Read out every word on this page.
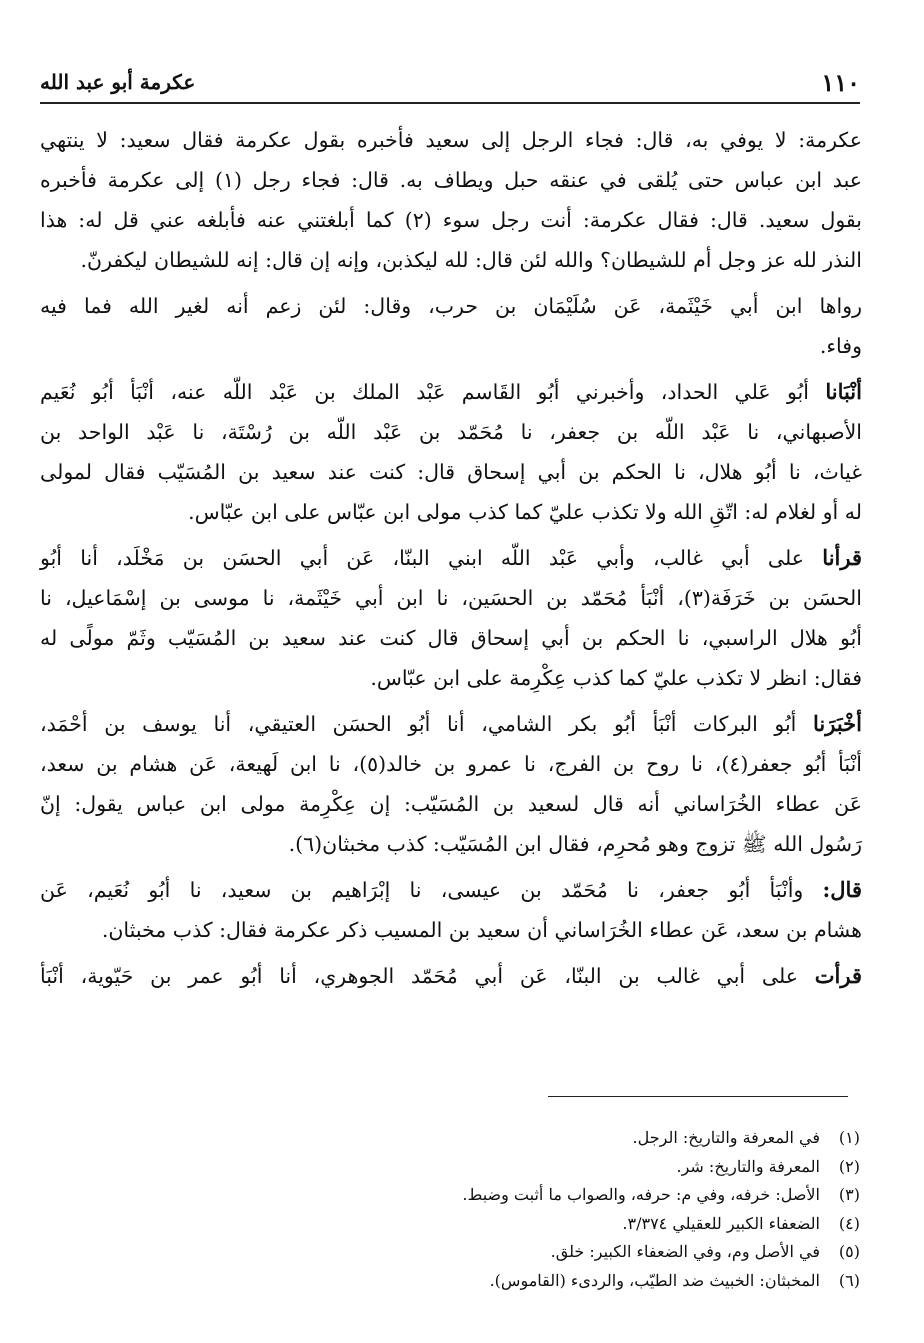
١١٠
عكرمة أبو عبد الله
عكرمة: لا يوفي به، قال: فجاء الرجل إلى سعيد فأخبره بقول عكرمة فقال سعيد: لا ينتهي
عبد ابن عباس حتى يُلقى في عنقه حبل ويطاف به. قال: فجاء رجل (١) إلى عكرمة فأخبره
بقول سعيد. قال: فقال عكرمة: أنت رجل سوء (٢) كما أبلغتني عنه فأبلغه عني قل له: هذا
النذر لله عز وجل أم للشيطان؟ والله لئن قال: لله ليكذبن، وإنه إن قال: إنه للشيطان ليكفرنّ.
رواها ابن أبي خَيْثَمة، عَن سُلَيْمَان بن حرب، وقال: لئن زعم أنه لغير الله فما فيه
وفاء.
أنْبَانا أبُو عَلي الحداد، وأخبرني أبُو القَاسم عَبْد الملك بن عَبْد اللّه عنه، أنْبَأ أبُو نُعَيم
الأصبهاني، نا عَبْد اللّه بن جعفر، نا مُحَمّد بن عَبْد اللّه بن رُسْتَة، نا عَبْد الواحد بن
غياث، نا أبُو هلال، نا الحكم بن أبي إسحاق قال: كنت عند سعيد بن المُسَيّب فقال لمولى
له أو لغلام له: اتّقِ الله ولا تكذب عليّ كما كذب مولى ابن عبّاس على ابن عبّاس.
قرأنا على أبي غالب، وأبي عَبْد اللّه ابني البنّا، عَن أبي الحسَن بن مَخْلَد، أنا أبُو
الحسَن بن خَرَفَة(٣)، أنْبَأ مُحَمّد بن الحسَين، نا ابن أبي خَيْثَمة، نا موسى بن إسْمَاعيل، نا
أبُو هلال الراسبي، نا الحكم بن أبي إسحاق قال كنت عند سعيد بن المُسَيّب وثَمّ مولًى له
فقال: انظر لا تكذب عليّ كما كذب عِكْرِمة على ابن عبّاس.
أخْبَرَنا أبُو البركات أنْبَأ أبُو بكر الشامي، أنا أبُو الحسَن العتيقي، أنا يوسف بن أحْمَد،
أنْبَأ أبُو جعفر(٤)، نا روح بن الفرج، نا عمرو بن خالد(٥)، نا ابن لَهيعة، عَن هشام بن سعد،
عَن عطاء الخُرَاساني أنه قال لسعيد بن المُسَيّب: إن عِكْرِمة مولى ابن عباس يقول: إنّ
رَسُول الله ﷺ تزوج وهو مُحرِم، فقال ابن المُسَيّب: كذب مخبثان(٦).
قال: وأنْبَأ أبُو جعفر، نا مُحَمّد بن عيسى، نا إبْرَاهيم بن سعيد، نا أبُو نُعَيم، عَن
هشام بن سعد، عَن عطاء الخُرَاساني أن سعيد بن المسيب ذكر عكرمة فقال: كذب مخبثان.
قرأت على أبي غالب بن البنّا، عَن أبي مُحَمّد الجوهري، أنا أبُو عمر بن حَيّوية، أنْبَأ
(١)
في المعرفة والتاريخ: الرجل.
(٢)
المعرفة والتاريخ: شر.
(٣)
الأصل: خرفه، وفي م: حرفه، والصواب ما أثبت وضبط.
(٤)
الضعفاء الكبير للعقيلي ٣/٣٧٤.
(٥)
في الأصل وم، وفي الضعفاء الكبير: خلق.
(٦)
المخبثان: الخبيث ضد الطيّب، والردىء (القاموس).
